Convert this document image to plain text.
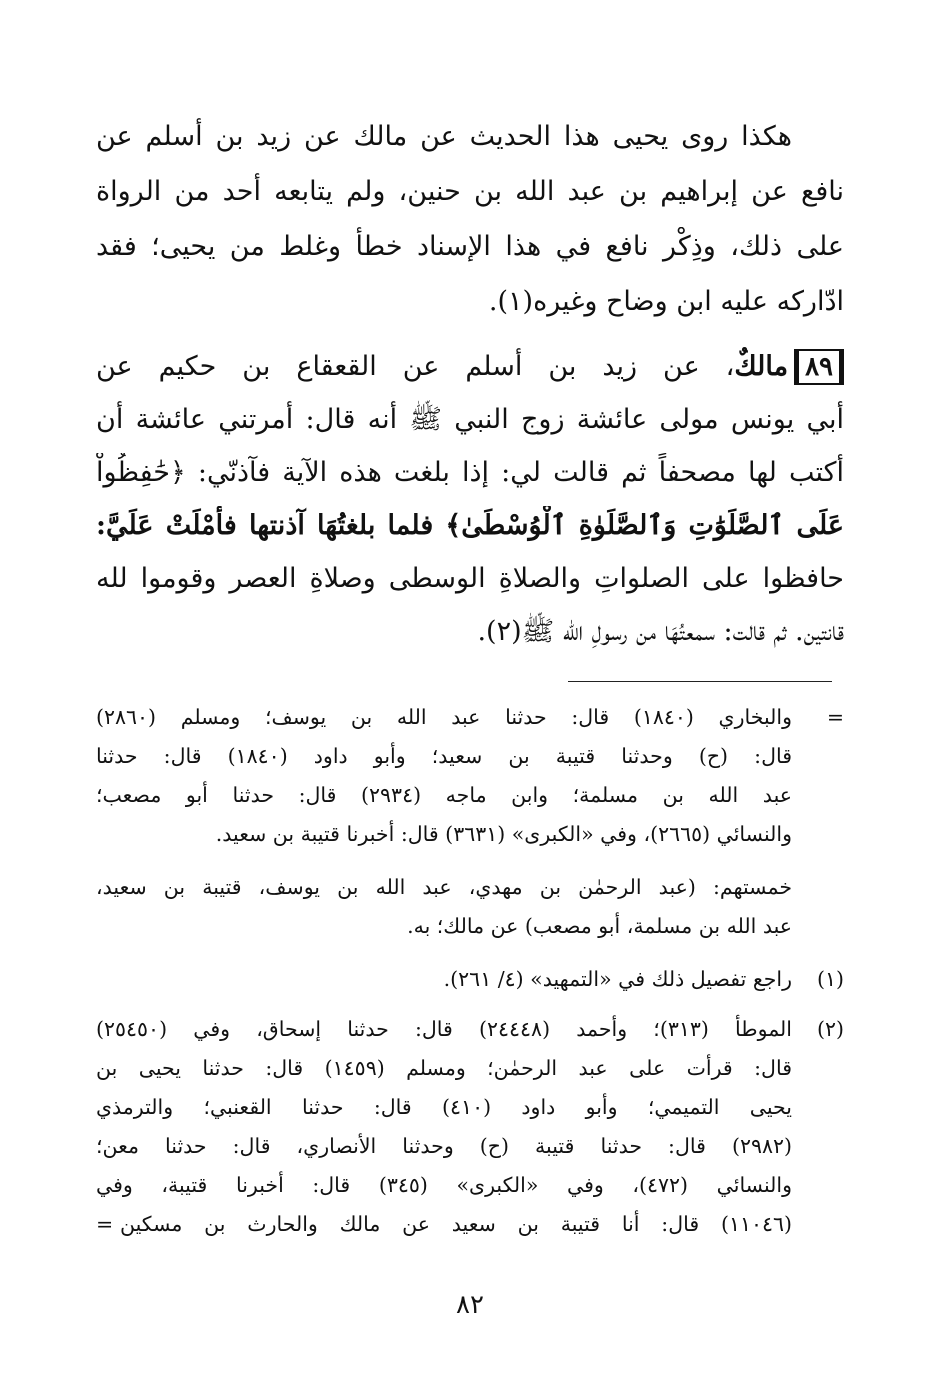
هكذا روى يحيى هذا الحديث عن مالك عن زيد بن أسلم عن
نافع عن إبراهيم بن عبد الله بن حنين، ولم يتابعه أحد من الرواة
على ذلك، وذِكْر نافع في هذا الإسناد خطأ وغلط من يحيى؛ فقد
ادّاركه عليه ابن وضاح وغيره(١).
٨٩مالكٌ، عن زيد بن أسلم عن القعقاع بن حكيم عن
أبي يونس مولى عائشة زوج النبي ﷺ أنه قال: أمرتني عائشة أن
أكتب لها مصحفاً ثم قالت لي: إذا بلغت هذه الآية فآذنّي: ﴿حَٰفِظُواْ
عَلَى ٱلصَّلَوَٰتِ وَٱلصَّلَوٰةِ ٱلْوُسْطَىٰ﴾ فلما بلغتُهَا آذنتها فأمْلَتْ عَلَيَّ:
حافظوا على الصلواتِ والصلاةِ الوسطى وصلاةِ العصر وقوموا لله
قانتين. ثم قالت: سمعتُهَا من رسولِ الله ﷺ(٢).
=
والبخاري (١٨٤٠) قال: حدثنا عبد الله بن يوسف؛ ومسلم (٢٨٦٠)
قال: (ح) وحدثنا قتيبة بن سعيد؛ وأبو داود (١٨٤٠) قال: حدثنا
عبد الله بن مسلمة؛ وابن ماجه (٢٩٣٤) قال: حدثنا أبو مصعب؛
والنسائي (٢٦٦٥)، وفي «الكبرى» (٣٦٣١) قال: أخبرنا قتيبة بن سعيد.
خمستهم: (عبد الرحمٰن بن مهدي، عبد الله بن يوسف، قتيبة بن سعيد،
عبد الله بن مسلمة، أبو مصعب) عن مالك؛ به.
(١)
راجع تفصيل ذلك في «التمهيد» (٤/ ٢٦١).
(٢)
الموطأ (٣١٣)؛ وأحمد (٢٤٤٤٨) قال: حدثنا إسحاق، وفي (٢٥٤٥٠)
قال: قرأت على عبد الرحمٰن؛ ومسلم (١٤٥٩) قال: حدثنا يحيى بن
يحيى التميمي؛ وأبو داود (٤١٠) قال: حدثنا القعنبي؛ والترمذي
(٢٩٨٢) قال: حدثنا قتيبة (ح) وحدثنا الأنصاري، قال: حدثنا معن؛
والنسائي (٤٧٢)، وفي «الكبرى» (٣٤٥) قال: أخبرنا قتيبة، وفي
(١١٠٤٦) قال: أنا قتيبة بن سعيد عن مالك والحارث بن مسكين
=
٨٢
